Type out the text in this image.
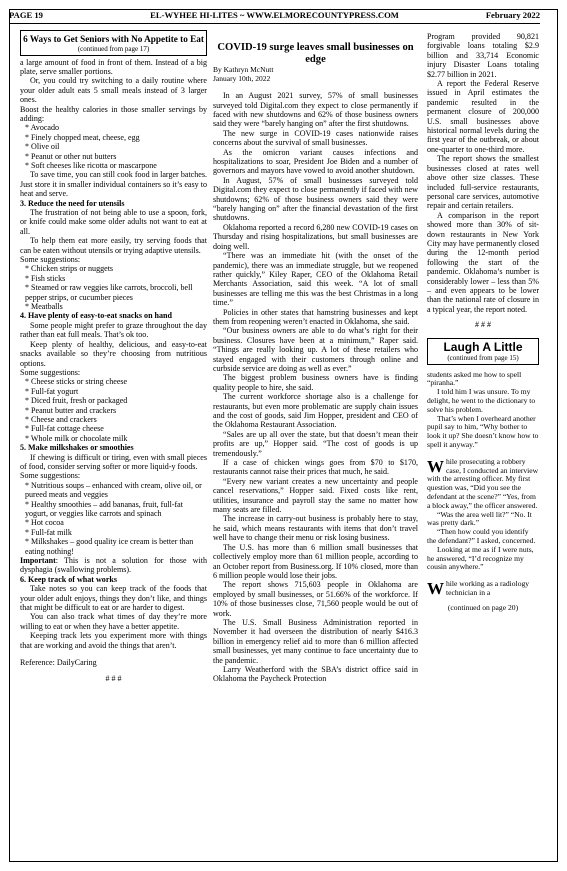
PAGE 19	EL-WYHEE HI-LITES ~ WWW.ELMORECOUNTYPRESS.COM	February 2022
6 Ways to Get Seniors with No Appetite to Eat
(continued from page 17)

a large amount of food in front of them. Instead of a big plate, serve smaller portions.

Or, you could try switching to a daily routine where your older adult eats 5 small meals instead of 3 larger ones.

Boost the healthy calories in those smaller servings by adding:

* Avocado

* Finely chopped meat, cheese, egg

* Olive oil

* Peanut or other nut butters

* Soft cheeses like ricotta or mascarpone

To save time, you can still cook food in larger batches. Just store it in smaller individual containers so it’s easy to heat and serve.

3. Reduce the need for utensils

The frustration of not being able to use a spoon, fork, or knife could make some older adults not want to eat at all.

To help them eat more easily, try serving foods that can be eaten without utensils or trying adaptive utensils.

Some suggestions:

* Chicken strips or nuggets

* Fish sticks

* Steamed or raw veggies like carrots, broccoli, bell pepper strips, or cucumber pieces

* Meatballs

4. Have plenty of easy-to-eat snacks on hand

Some people might prefer to graze throughout the day rather than eat full meals. That’s ok too.

Keep plenty of healthy, delicious, and easy-to-eat snacks available so they’re choosing from nutritious options.

Some suggestions:

* Cheese sticks or string cheese

* Full-fat yogurt

* Diced fruit, fresh or packaged

* Peanut butter and crackers

* Cheese and crackers

* Full-fat cottage cheese

* Whole milk or chocolate milk

5. Make milkshakes or smoothies

If chewing is difficult or tiring, even with small pieces of food, consider serving softer or more liquid-y foods.

Some suggestions:

* Nutritious soups – enhanced with cream, olive oil, or pureed meats and veggies

* Healthy smoothies – add bananas, fruit, full-fat yogurt, or veggies like carrots and spinach

* Hot cocoa

* Full-fat milk

* Milkshakes – good quality ice cream is better than eating nothing!

Important: This is not a solution for those with dysphagia (swallowing problems).

6. Keep track of what works

Take notes so you can keep track of the foods that your older adult enjoys, things they don’t like, and things that might be difficult to eat or are harder to digest.

You can also track what times of day they’re more willing to eat or when they have a better appetite.

Keeping track lets you experiment more with things that are working and avoid the things that aren’t.

Reference: DailyCaring

# # #

COVID-19 surge leaves small businesses on edge

By Kathryn McNutt

January 10th, 2022

In an August 2021 survey, 57% of small businesses surveyed told Digital.com they expect to close permanently if faced with new shutdowns and 62% of those business owners said they were “barely hanging on” after the first shutdowns.

The new surge in COVID-19 cases nationwide raises concerns about the survival of small businesses.

As the omicron variant causes infections and hospitalizations to soar, President Joe Biden and a number of governors and mayors have vowed to avoid another shutdown.

In August, 57% of small businesses surveyed told Digital.com they expect to close permanently if faced with new shutdowns; 62% of those business owners said they were “barely hanging on” after the financial devastation of the first shutdowns.

Oklahoma reported a record 6,280 new COVID-19 cases on Thursday and rising hospitalizations, but small businesses are doing well.

“There was an immediate hit (with the onset of the pandemic), there was an immediate struggle, but we reopened rather quickly,” Kiley Raper, CEO of the Oklahoma Retail Merchants Association, said this week. “A lot of small businesses are telling me this was the best Christmas in a long time.”

Policies in other states that hamstring businesses and kept them from reopening weren’t enacted in Oklahoma, she said.

“Our business owners are able to do what’s right for their business. Closures have been at a minimum,” Raper said. “Things are really looking up. A lot of these retailers who stayed engaged with their customers through online and curbside service are doing as well as ever.”

The biggest problem business owners have is finding quality people to hire, she said.

The current workforce shortage also is a challenge for restaurants, but even more problematic are supply chain issues and the cost of goods, said Jim Hopper, president and CEO of the Oklahoma Restaurant Association.

“Sales are up all over the state, but that doesn’t mean their profits are up,” Hopper said. “The cost of goods is up tremendously.”

If a case of chicken wings goes from $70 to $170, restaurants cannot raise their prices that much, he said.

“Every new variant creates a new uncertainty and people cancel reservations,” Hopper said. Fixed costs like rent, utilities, insurance and payroll stay the same no matter how many seats are filled.

The increase in carry-out business is probably here to stay, he said, which means restaurants with items that don’t travel well have to change their menu or risk losing business.

The U.S. has more than 6 million small businesses that collectively employ more than 61 million people, according to an October report from Business.org. If 10% closed, more than 6 million people would lose their jobs.

The report shows 715,603 people in Oklahoma are employed by small businesses, or 51.66% of the workforce. If 10% of those businesses close, 71,560 people would be out of work.

The U.S. Small Business Administration reported in November it had overseen the distribution of nearly $416.3 billion in emergency relief aid to more than 6 million affected small businesses, yet many continue to face uncertainty due to the pandemic.

Larry Weatherford with the SBA’s district office said in Oklahoma the Paycheck Protection

Program provided 90,821 forgivable loans totaling $2.9 billion and 33,714 Economic injury Disaster Loans totaling $2.77 billion in 2021.

A report the Federal Reserve issued in April estimates the pandemic resulted in the permanent closure of 200,000 U.S. small businesses above historical normal levels during the first year of the outbreak, or about one-quarter to one-third more.

The report shows the smallest businesses closed at rates well above other size classes. These included full-service restaurants, personal care services, automotive repair and certain retailers.

A comparison in the report showed more than 30% of sit-down restaurants in New York City may have permanently closed during the 12-month period following the start of the pandemic. Oklahoma’s number is considerably lower – less than 5% – and even appears to be lower than the national rate of closure in a typical year, the report noted.

# # #

Laugh A Little
(continued from page 15)

students asked me how to spell “piranha.”

I told him I was unsure. To my delight, he went to the dictionary to solve his problem.

That’s when I overheard another pupil say to him, “Why bother to look it up? She doesn’t know how to spell it anyway.”

While prosecuting a robbery case, I conducted an interview with the arresting officer. My first question was, “Did you see the defendant at the scene?” “Yes, from a block away,” the officer answered.

“Was the area well lit?” “No. It was pretty dark.”

“Then how could you identify the defendant?” I asked, concerned.

Looking at me as if I were nuts, he answered, “I’d recognize my cousin anywhere.”

While working as a radiology technician in a

(continued on page 20)
